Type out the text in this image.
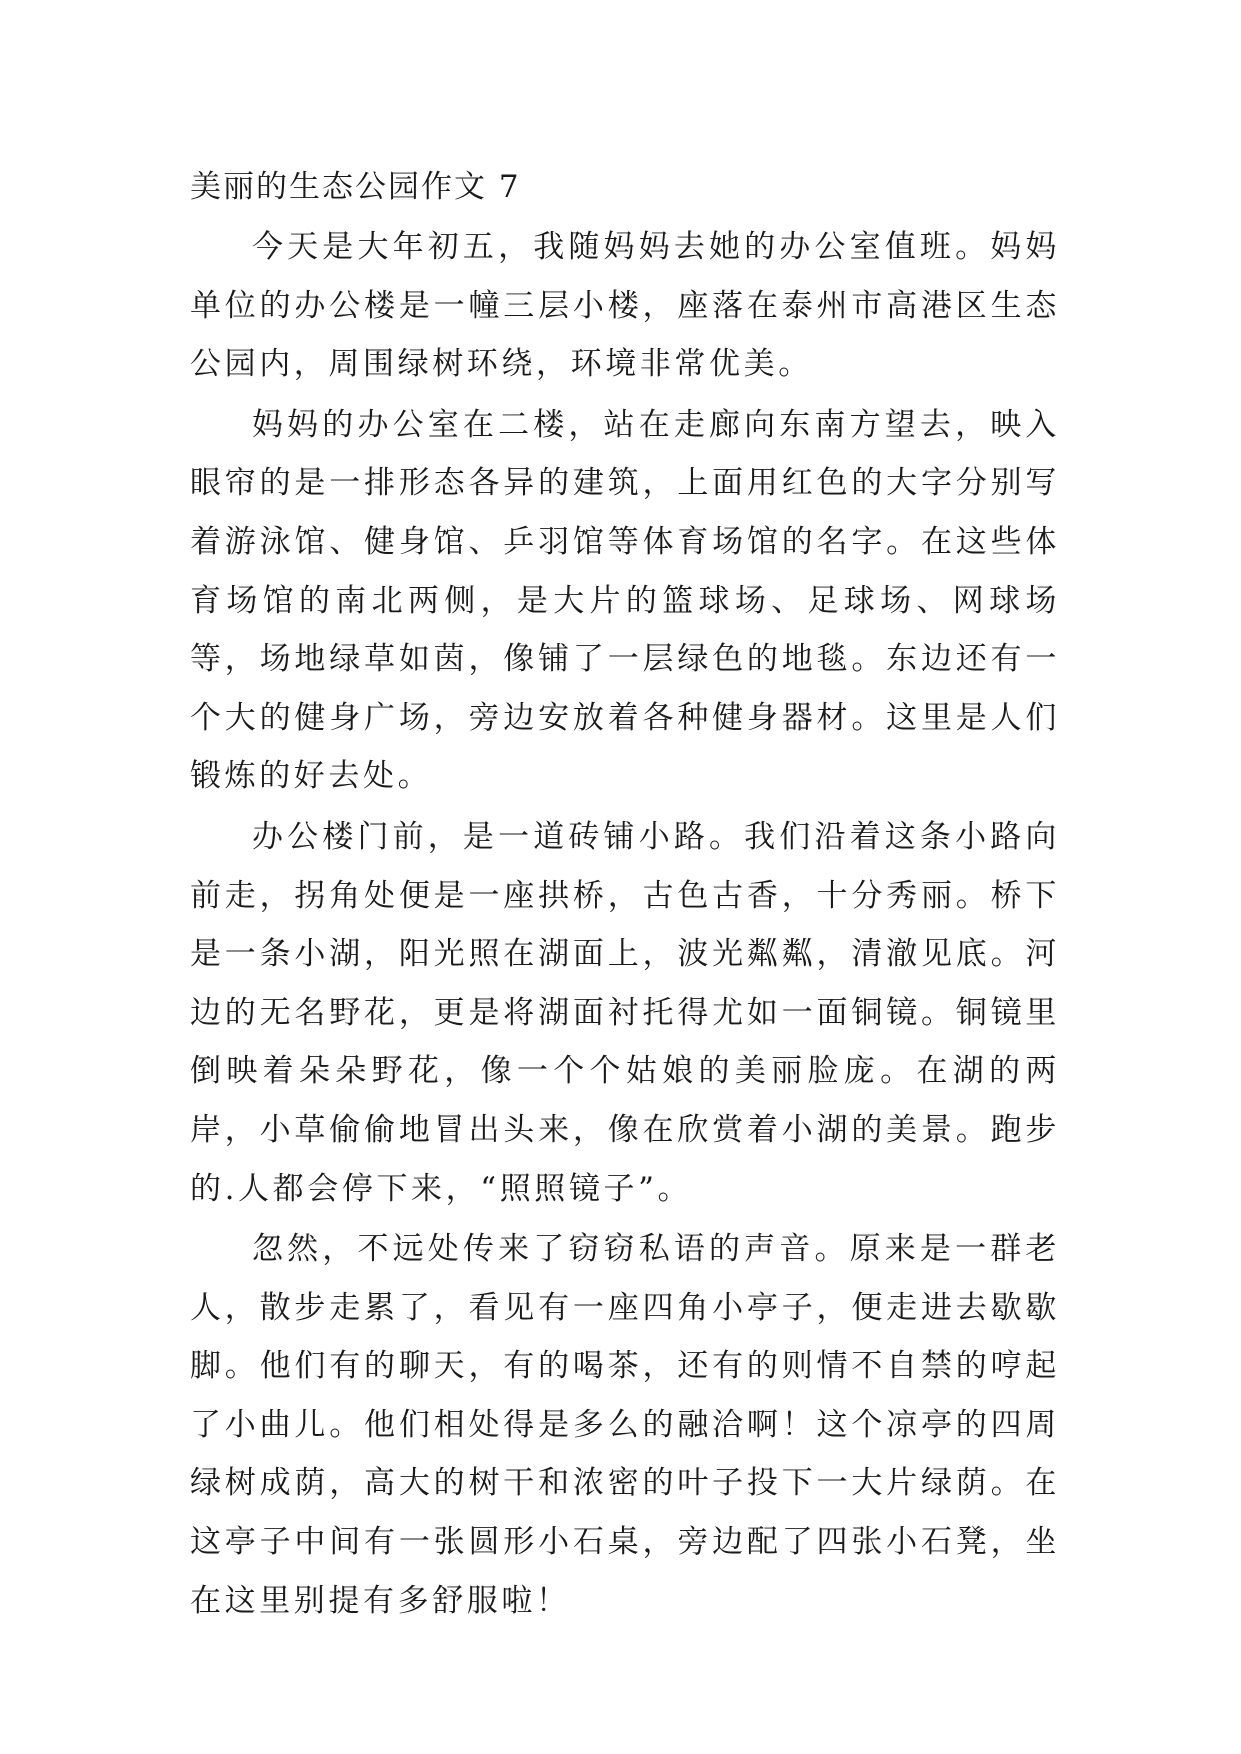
美丽的生态公园作文 7

今天是大年初五，我随妈妈去她的办公室值班。妈妈单位的办公楼是一幢三层小楼，座落在泰州市高港区生态公园内，周围绿树环绕，环境非常优美。

妈妈的办公室在二楼，站在走廊向东南方望去，映入眼帘的是一排形态各异的建筑，上面用红色的大字分别写着游泳馆、健身馆、乒羽馆等体育场馆的名字。在这些体育场馆的南北两侧，是大片的篮球场、足球场、网球场等，场地绿草如茵，像铺了一层绿色的地毯。东边还有一个大的健身广场，旁边安放着各种健身器材。这里是人们锻炼的好去处。

办公楼门前，是一道砖铺小路。我们沿着这条小路向前走，拐角处便是一座拱桥，古色古香，十分秀丽。桥下是一条小湖，阳光照在湖面上，波光粼粼，清澈见底。河边的无名野花，更是将湖面衬托得尤如一面铜镜。铜镜里倒映着朵朵野花，像一个个姑娘的美丽脸庞。在湖的两岸，小草偷偷地冒出头来，像在欣赏着小湖的美景。跑步的.人都会停下来，“照照镜子”。

忽然，不远处传来了窃窃私语的声音。原来是一群老人，散步走累了，看见有一座四角小亭子，便走进去歇歇脚。他们有的聊天，有的喝茶，还有的则情不自禁的哼起了小曲儿。他们相处得是多么的融洽啊！这个凉亭的四周绿树成荫，高大的树干和浓密的叶子投下一大片绿荫。在这亭子中间有一张圆形小石桌，旁边配了四张小石凳，坐在这里别提有多舒服啦！
